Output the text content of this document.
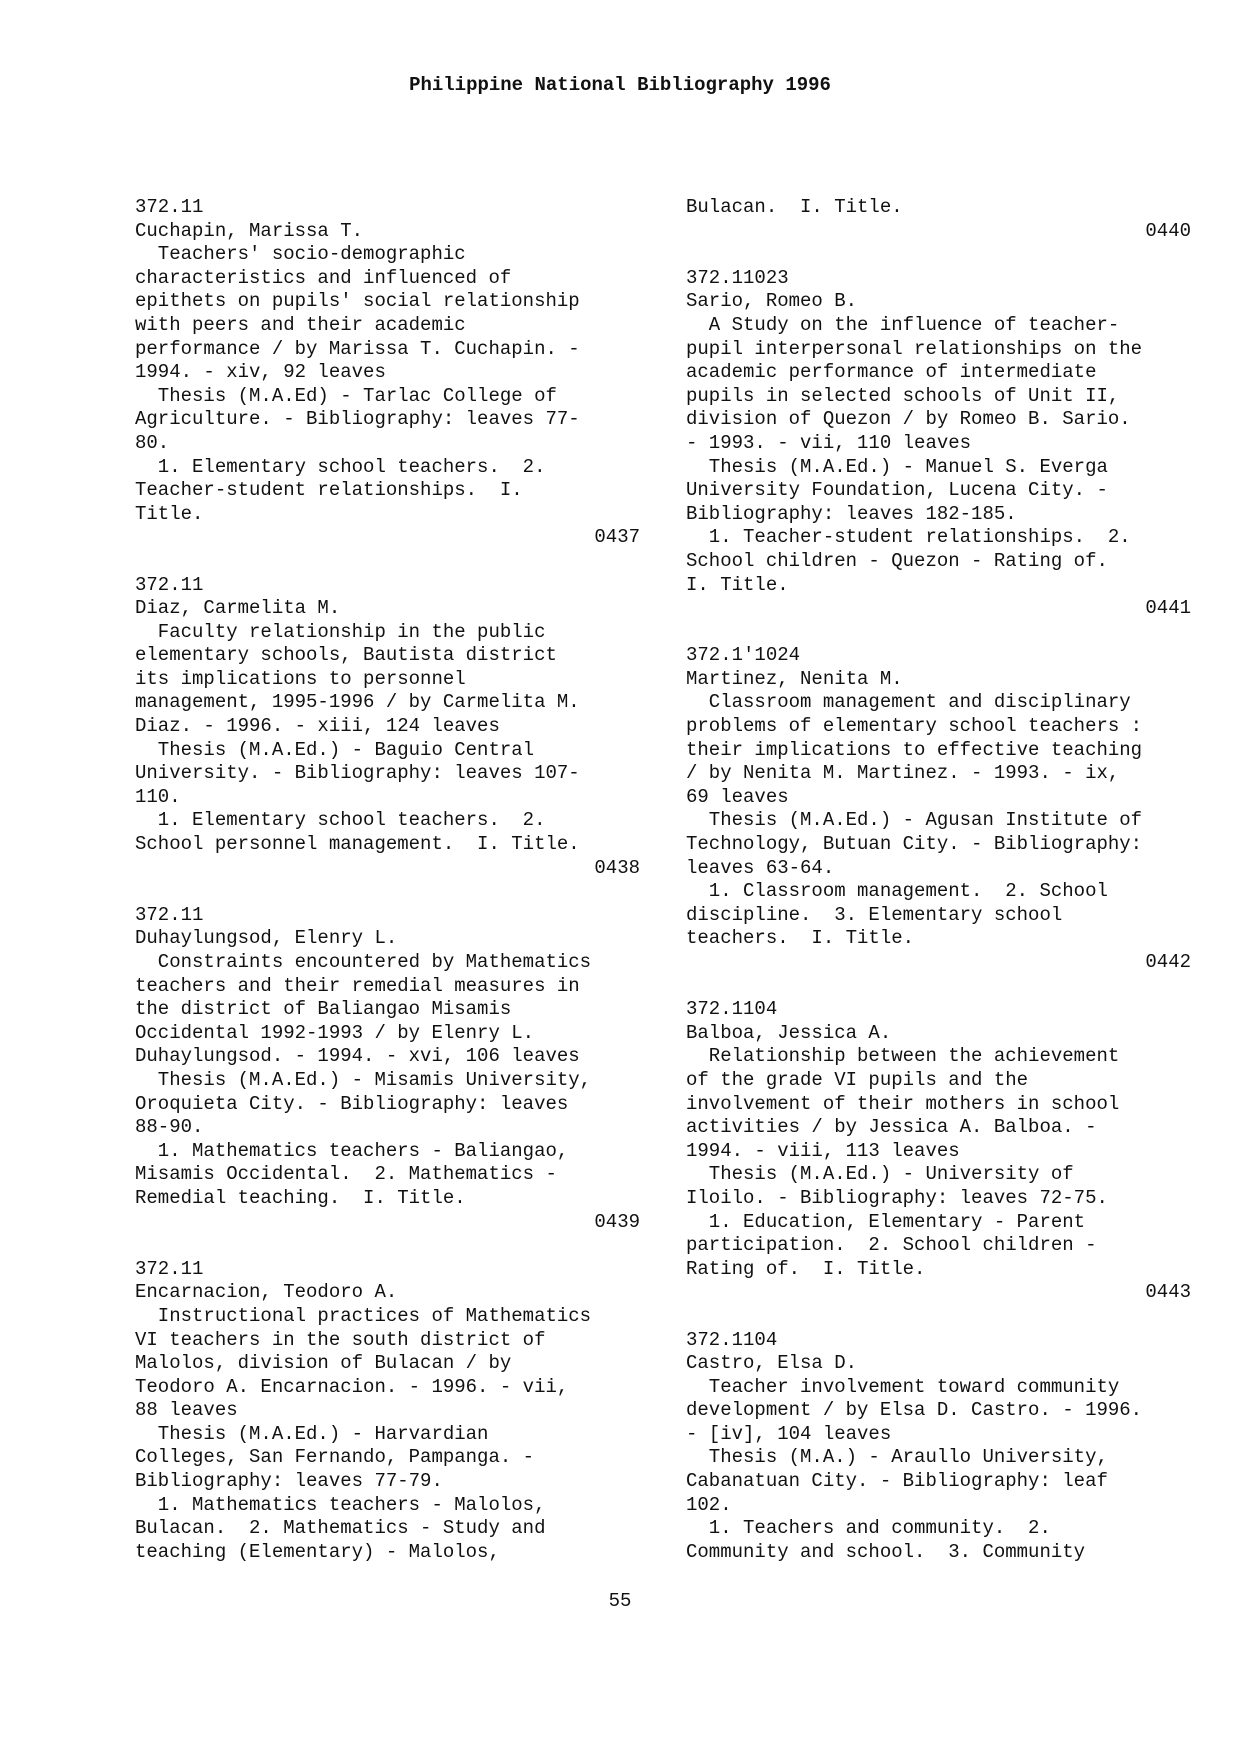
Philippine National Bibliography 1996
372.11
Cuchapin, Marissa T.
Teachers' socio-demographic
characteristics and influenced of
epithets on pupils' social relationship
with peers and their academic
performance / by Marissa T. Cuchapin. -
1994. - xiv, 92 leaves
Thesis (M.A.Ed) - Tarlac College of
Agriculture. - Bibliography: leaves 77-
80.
1. Elementary school teachers.  2.
Teacher-student relationships.  I.
Title.
0437
372.11
Diaz, Carmelita M.
Faculty relationship in the public
elementary schools, Bautista district
its implications to personnel
management, 1995-1996 / by Carmelita M.
Diaz. - 1996. - xiii, 124 leaves
Thesis (M.A.Ed.) - Baguio Central
University. - Bibliography: leaves 107-
110.
1. Elementary school teachers.  2.
School personnel management.  I. Title.
0438
372.11
Duhaylungsod, Elenry L.
Constraints encountered by Mathematics
teachers and their remedial measures in
the district of Baliangao Misamis
Occidental 1992-1993 / by Elenry L.
Duhaylungsod. - 1994. - xvi, 106 leaves
Thesis (M.A.Ed.) - Misamis University,
Oroquieta City. - Bibliography: leaves
88-90.
1. Mathematics teachers - Baliangao,
Misamis Occidental.  2. Mathematics -
Remedial teaching.  I. Title.
0439
372.11
Encarnacion, Teodoro A.
Instructional practices of Mathematics
VI teachers in the south district of
Malolos, division of Bulacan / by
Teodoro A. Encarnacion. - 1996. - vii,
88 leaves
Thesis (M.A.Ed.) - Harvardian
Colleges, San Fernando, Pampanga. -
Bibliography: leaves 77-79.
1. Mathematics teachers - Malolos,
Bulacan.  2. Mathematics - Study and
teaching (Elementary) - Malolos,
Bulacan.  I. Title.
0440
372.11023
Sario, Romeo B.
A Study on the influence of teacher-
pupil interpersonal relationships on the
academic performance of intermediate
pupils in selected schools of Unit II,
division of Quezon / by Romeo B. Sario.
- 1993. - vii, 110 leaves
Thesis (M.A.Ed.) - Manuel S. Everga
University Foundation, Lucena City. -
Bibliography: leaves 182-185.
1. Teacher-student relationships.  2.
School children - Quezon - Rating of.
I. Title.
0441
372.1'1024
Martinez, Nenita M.
Classroom management and disciplinary
problems of elementary school teachers :
their implications to effective teaching
/ by Nenita M. Martinez. - 1993. - ix,
69 leaves
Thesis (M.A.Ed.) - Agusan Institute of
Technology, Butuan City. - Bibliography:
leaves 63-64.
1. Classroom management.  2. School
discipline.  3. Elementary school
teachers.  I. Title.
0442
372.1104
Balboa, Jessica A.
Relationship between the achievement
of the grade VI pupils and the
involvement of their mothers in school
activities / by Jessica A. Balboa. -
1994. - viii, 113 leaves
Thesis (M.A.Ed.) - University of
Iloilo. - Bibliography: leaves 72-75.
1. Education, Elementary - Parent
participation.  2. School children -
Rating of.  I. Title.
0443
372.1104
Castro, Elsa D.
Teacher involvement toward community
development / by Elsa D. Castro. - 1996.
- [iv], 104 leaves
Thesis (M.A.) - Araullo University,
Cabanatuan City. - Bibliography: leaf
102.
1. Teachers and community.  2.
Community and school.  3. Community
55
